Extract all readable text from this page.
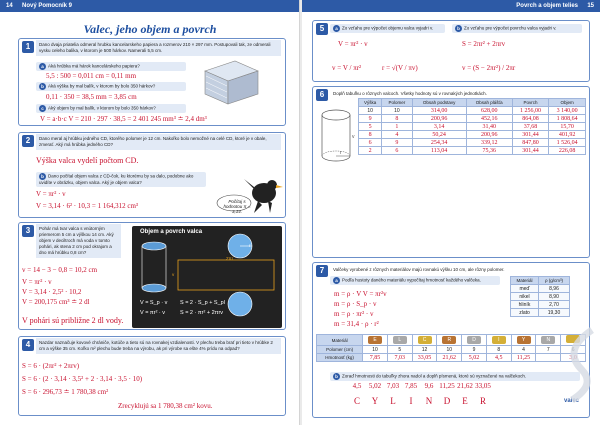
14 Nový Pomocník 9
Valec, jeho objem a povrch
1	Dano dvaja priatelia odmeral hrubku kancelarskeho papiera a rozmerov 210 × 297 mm. Postupovali tak, ze odmerali vysku celeho balika, v ktorom je 500 hárkov. Namerali 5,5 cm.
a Aká hrúbka má hárok kancelárskeho papiera?
5,5 : 500 = 0,011 cm = 0,11 mm
b Aká výška by mal balík, v ktorom by bolo 350 hárkov?
0,11 · 350 = 38,5 mm = 3,85 cm
c Aký objem by mal balík, v ktorom by bolo 350 hárkov?
V = a·b·c V = 210 · 297 · 38,5 = 2 401 245 mm³ ≐ 2,4 dm³
2	Dano meral aj hrúbku jedného CD, ktorého polomer je 12 cm. Nakoľko bolo nemožné na celé CD, ktoré je v obale, zmerať. Aký má hrúbka jedného CD?
Výška valca vydelí počtom CD.
b Dano počítal objem valca z CD-čok, ku ktorému by sa dalo, podobne ako uvidíte v obrázku, objem valca. Aký je objem valca?
V = πr² · v
V = 3,14 · 6² · 10,3 = 1 164,312 cm³
Počítaj s hodnotou π = 3,14.
3	Pohár má tvar valca s vnútorným priemerom 5 cm a výškou 14 cm. Aký objem v deciltroch má voda v tomto pohári, ak stena 2 cm pod okrajom a dno má hrúbku 0,8 cm?
v = 14 − 3 − 0,8 = 10,2 cm
V = πr² · v
V = 3,14 · 2,5² · 10,2
V = 200,175 cm³ ≐ 2 dl
V pohári sú približne 2 dl vody.
Objem a povrch valca
r
2πr
v
V = S_p · v
V = πr² · v
S = 2 · S_p + S_pl
S = 2 · πr² + 2πrv
4	Nazdar naznačuje kovové chrániče, kotúče a tieto sú na rovnakej vzdialenosti. V plechu treba brať pri tieto v hrúbke 2 cm a výške 35 cm. Koľko m² plechu bude treba na výrobu, ak pri výrobe sa ešte 4% prídu na odpad?
S = 6 · (2πr² + 2πrv)
S = 6 · (2 · 3,14 · 3,5² + 2 · 3,14 · 3,5 · 10)
S = 6 · 296,73 ≐ 1 780,38 cm²
Zrecyklujú sa 1 780,38 cm² kovu.
Povrch a objem telies 15
5	a Zo vzťahu pre výpočet objemu valca vyjadri v.	b Zo vzťahu pre výpočet povrchu valca vyjadri v.
V = πr² · v	S = 2πr² + 2πrv
v = V / πr²	r = √(V / πv)	v = (S − 2πr²) / 2πr
6	Doplň tabuľku o rôznych valcoch. Všetky hodnoty sú v rovnakých jednotkách.
r
v
Výška	Polomer	Obsah podstavy	Obsah plášťa	Povrch	Objem
10	10	314,00	628,00	1 256,00	3 140,00
9	8	200,96	452,16	864,08	1 808,64
5	1	3,14	31,40	37,68	15,70
8	4	50,24	200,96	301,44	401,92
6	9	254,34	339,12	847,80	1 526,04
2	6	113,04	75,36	301,44	226,08
7	Valčeky vyrobené z rôznych materiálov majú rovnakú výšku 10 cm, ale rôzny polomer.
a Podľa hustoty daného materiálu vypočítaj hmotnosť každého valčeka.
m = ρ · V V = πr²v
m = ρ · S_p · v
m = ρ · πr² · v
m = 31,4 · ρ · r²
Materiál	ρ (g/cm³)
meď	8,96
nikel	8,90
hliník	2,70
zlato	19,30
Materiál	E	L	C	R	D	I	Y	N	
Polomer (cm)	10	5	12	10	9	8	4	7	6
Hmotnosť (kg)	7,85	7,03	33,05	21,62	5,02	4,5	11,25		3,0
b Zoraď hmotnosti do tabuľky zhora nadol a doplň písmená, ktoré sú vyznačené na valčekoch.
4,5 5,02 7,03 7,85 9,6 11,25 21,62 33,05
C Y L I N D E R	valec
